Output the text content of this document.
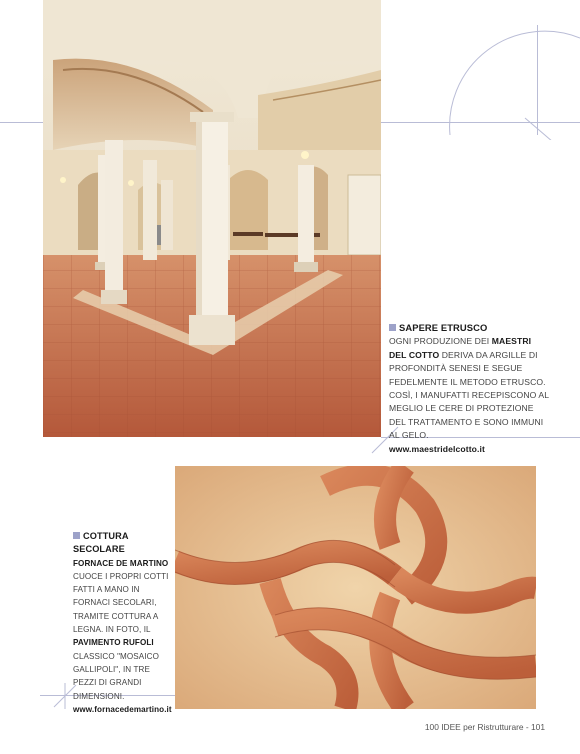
SAPERE ETRUSCO
OGNI PRODUZIONE DEI MAESTRI DEL COTTO DERIVA DA ARGILLE DI PROFONDITÀ SENESI E SEGUE FEDELMENTE IL METODO ETRUSCO. COSÌ, I MANUFATTI RECEPISCONO AL MEGLIO LE CERE DI PROTEZIONE DEL TRATTAMENTO E SONO IMMUNI AL GELO.
www.maestridelcotto.it
COTTURA SECOLARE
FORNACE DE MARTINO CUOCE I PROPRI COTTI FATTI A MANO IN FORNACI SECOLARI, TRAMITE COTTURA A LEGNA. IN FOTO, IL PAVIMENTO RUFOLI CLASSICO "MOSAICO GALLIPOLI", IN TRE PEZZI DI GRANDI DIMENSIONI.
www.fornacedemartino.it
100 IDEE per Ristrutturare - 101
